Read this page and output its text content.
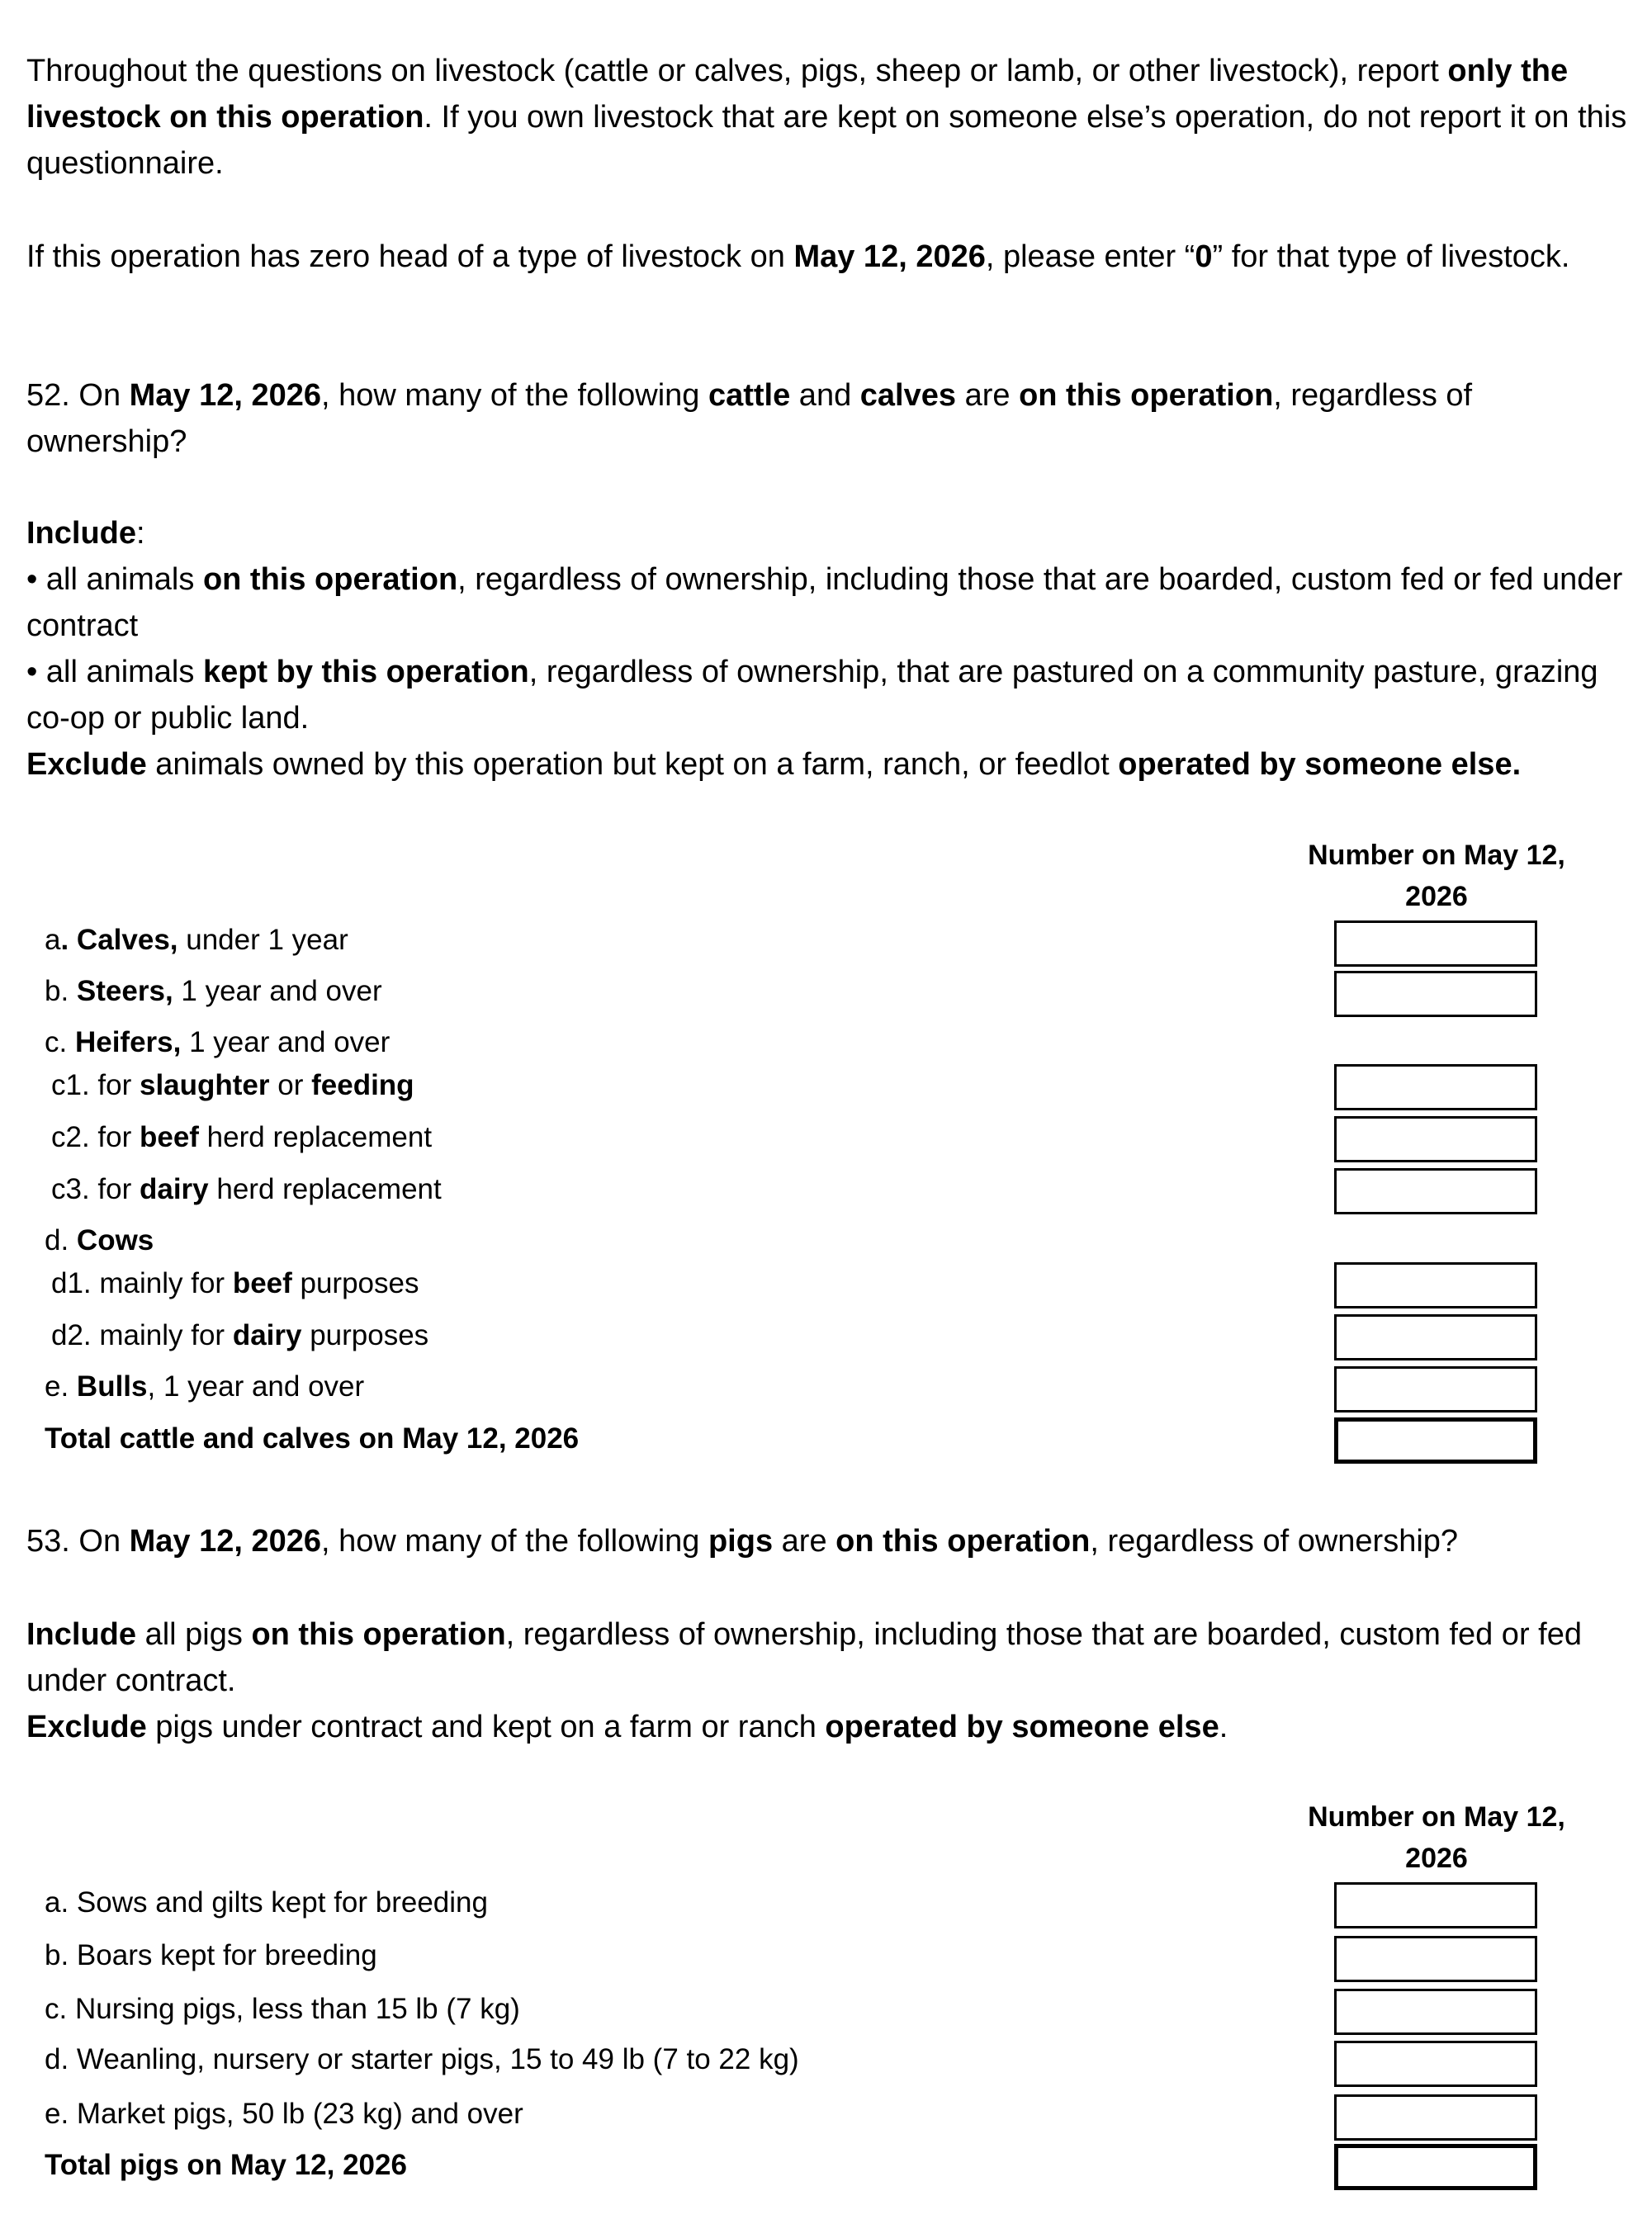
Throughout the questions on livestock (cattle or calves, pigs, sheep or lamb, or other livestock), report only the livestock on this operation. If you own livestock that are kept on someone else’s operation, do not report it on this questionnaire.

If this operation has zero head of a type of livestock on May 12, 2026, please enter “0” for that type of livestock.

52. On May 12, 2026, how many of the following cattle and calves are on this operation, regardless of ownership?

Include:
• all animals on this operation, regardless of ownership, including those that are boarded, custom fed or fed under contract
• all animals kept by this operation, regardless of ownership, that are pastured on a community pasture, grazing co-op or public land.
Exclude animals owned by this operation but kept on a farm, ranch, or feedlot operated by someone else.
Number on May 12, 2026
a. Calves, under 1 year
b. Steers, 1 year and over
c. Heifers, 1 year and over
c1. for slaughter or feeding
c2. for beef herd replacement
c3. for dairy herd replacement
d. Cows
d1. mainly for beef purposes
d2. mainly for dairy purposes
e. Bulls, 1 year and over
Total cattle and calves on May 12, 2026

53. On May 12, 2026, how many of the following pigs are on this operation, regardless of ownership?

Include all pigs on this operation, regardless of ownership, including those that are boarded, custom fed or fed under contract.
Exclude pigs under contract and kept on a farm or ranch operated by someone else.
Number on May 12, 2026
a. Sows and gilts kept for breeding
b. Boars kept for breeding
c. Nursing pigs, less than 15 lb (7 kg)
d. Weanling, nursery or starter pigs, 15 to 49 lb (7 to 22 kg)
e. Market pigs, 50 lb (23 kg) and over
Total pigs on May 12, 2026
